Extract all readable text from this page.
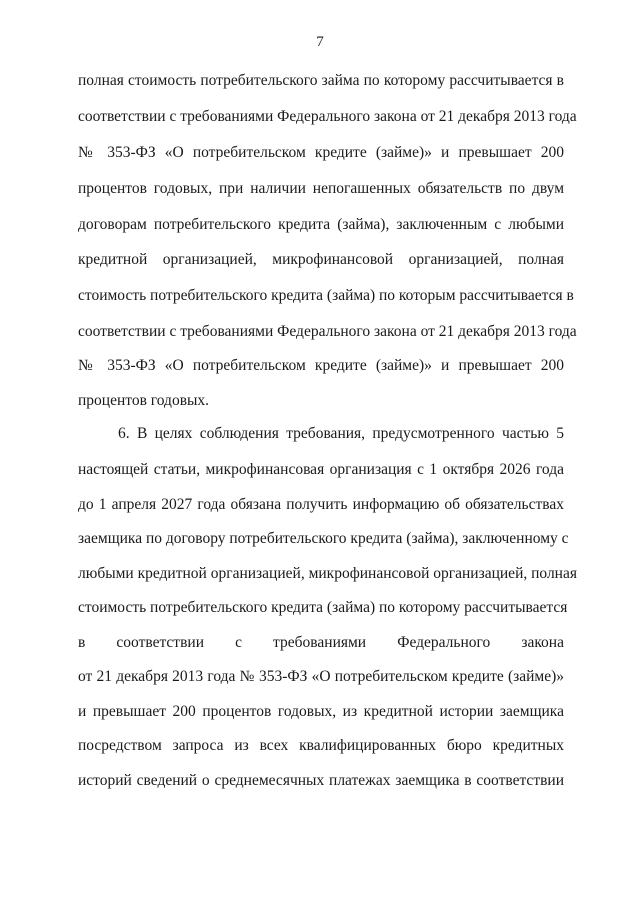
7
полная стоимость потребительского займа по которому рассчитывается в
соответствии с требованиями Федерального закона от 21 декабря 2013 года
№ 353-ФЗ «О потребительском кредите (займе)» и превышает 200
процентов годовых, при наличии непогашенных обязательств по двум
договорам потребительского кредита (займа), заключенным с любыми
кредитной организацией, микрофинансовой организацией, полная
стоимость потребительского кредита (займа) по которым рассчитывается в
соответствии с требованиями Федерального закона от 21 декабря 2013 года
№ 353-ФЗ «О потребительском кредите (займе)» и превышает 200
процентов годовых.
6. В целях соблюдения требования, предусмотренного частью 5
настоящей статьи, микрофинансовая организация с 1 октября 2026 года
до 1 апреля 2027 года обязана получить информацию об обязательствах
заемщика по договору потребительского кредита (займа), заключенному с
любыми кредитной организацией, микрофинансовой организацией, полная
стоимость потребительского кредита (займа) по которому рассчитывается
в соответствии с требованиями Федерального закона
от 21 декабря 2013 года № 353-ФЗ «О потребительском кредите (займе)»
и превышает 200 процентов годовых, из кредитной истории заемщика
посредством запроса из всех квалифицированных бюро кредитных
историй сведений о среднемесячных платежах заемщика в соответствии
